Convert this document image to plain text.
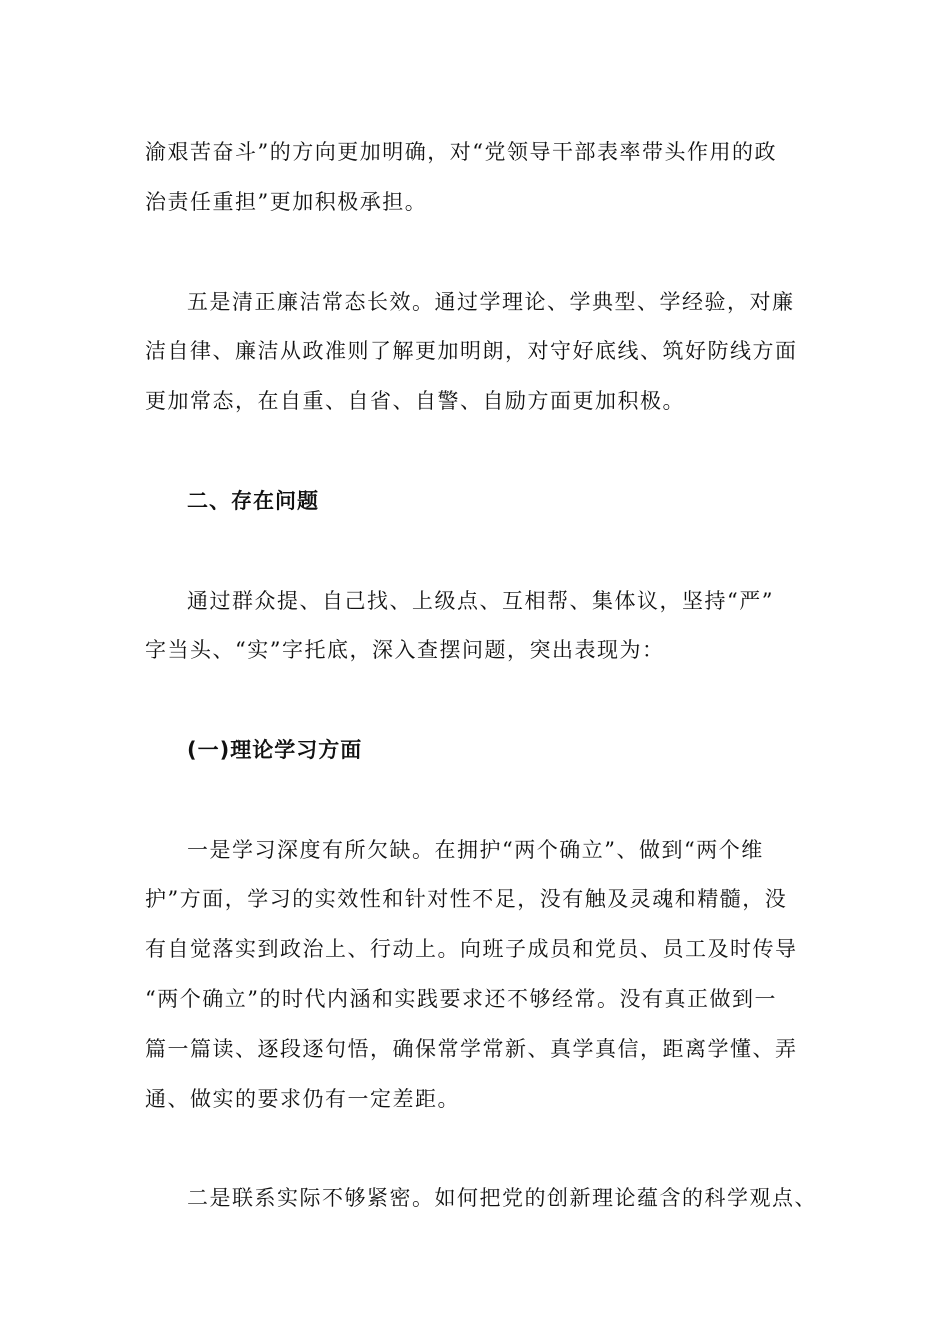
渝艰苦奋斗”的方向更加明确，对“党领导干部表率带头作用的政
治责任重担”更加积极承担。
五是清正廉洁常态长效。通过学理论、学典型、学经验，对廉
洁自律、廉洁从政准则了解更加明朗，对守好底线、筑好防线方面
更加常态，在自重、自省、自警、自励方面更加积极。
二、存在问题
通过群众提、自己找、上级点、互相帮、集体议，坚持“严”
字当头、“实”字托底，深入查摆问题，突出表现为：
(一)理论学习方面
一是学习深度有所欠缺。在拥护“两个确立”、做到“两个维
护”方面，学习的实效性和针对性不足，没有触及灵魂和精髓，没
有自觉落实到政治上、行动上。向班子成员和党员、员工及时传导
“两个确立”的时代内涵和实践要求还不够经常。没有真正做到一
篇一篇读、逐段逐句悟，确保常学常新、真学真信，距离学懂、弄
通、做实的要求仍有一定差距。
二是联系实际不够紧密。如何把党的创新理论蕴含的科学观点、
